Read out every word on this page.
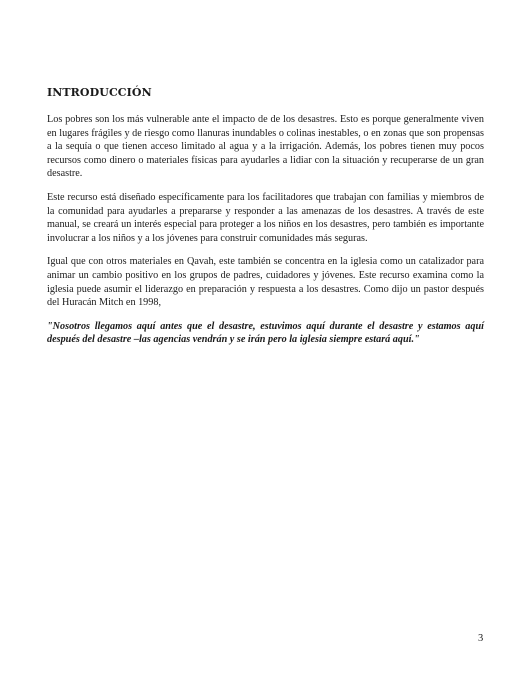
INTRODUCCIÓN

Los pobres son los más vulnerable ante el impacto de de los desastres. Esto es porque generalmente viven en lugares frágiles y de riesgo como llanuras inundables o colinas inestables, o en zonas que son propensas a la sequía o que tienen acceso limitado al agua y a la irrigación. Además, los pobres tienen muy pocos recursos como dinero o materiales físicas para ayudarles a lidiar con la situación y recuperarse de un gran desastre.

Este recurso está diseñado específicamente para los facilitadores que trabajan con familias y miembros de la comunidad para ayudarles a prepararse y responder a las amenazas de los desastres. A través de este manual, se creará un interés especial para proteger a los niños en los desastres, pero también es importante involucrar a los niños y a los jóvenes para construir comunidades más seguras.

Igual que con otros materiales en Qavah, este también se concentra en la iglesia como un catalizador para animar un cambio positivo en los grupos de padres, cuidadores y jóvenes. Este recurso examina como la iglesia puede asumir el liderazgo en preparación y respuesta a los desastres. Como dijo un pastor después del Huracán Mitch en 1998,

"Nosotros llegamos aquí antes que el desastre, estuvimos aquí durante el desastre y estamos aquí después del desastre –las agencias vendrán y se irán pero la iglesia siempre estará aquí."

3
